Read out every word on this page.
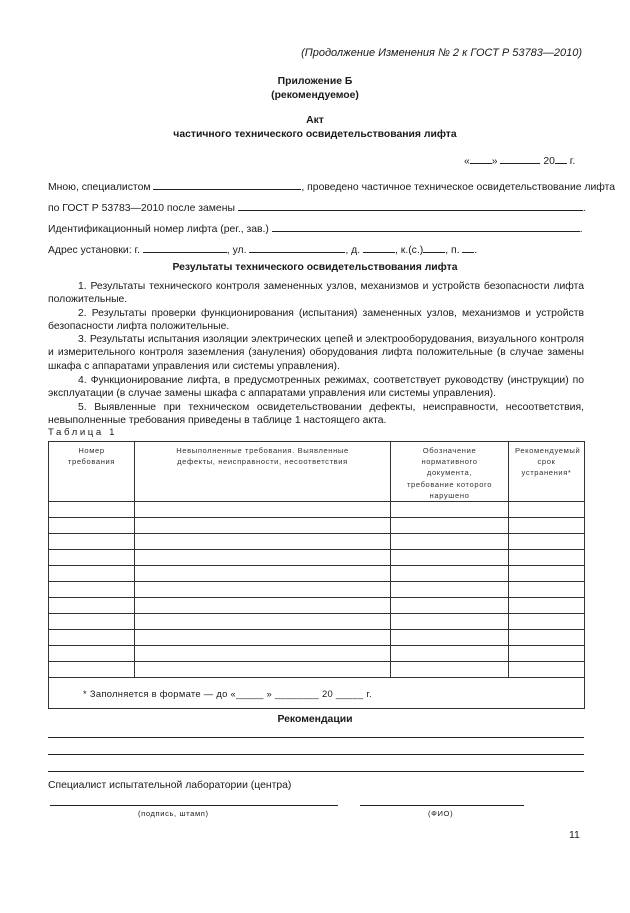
(Продолжение Изменения № 2 к ГОСТ Р 53783—2010)
Приложение Б
(рекомендуемое)
Акт
частичного технического освидетельствования лифта
« »	20 г.
Мною, специалистом	, проведено частичное техническое освидетельствование лифта
по ГОСТ Р 53783—2010 после замены	.
Идентификационный номер лифта (рег., зав.)	.
Адрес установки: г.	, ул.	, д.	, к.(с.) , п. .
Результаты технического освидетельствования лифта
1. Результаты технического контроля замененных узлов, механизмов и устройств безопасности лифта положительные.
2. Результаты проверки функционирования (испытания) замененных узлов, механизмов и устройств безопасности лифта положительные.
3. Результаты испытания изоляции электрических цепей и электрооборудования, визуального контроля и измерительного контроля заземления (зануления) оборудования лифта положительные (в случае замены шкафа с аппаратами управления или системы управления).
4. Функционирование лифта, в предусмотренных режимах, соответствует руководству (инструкции) по эксплуатации (в случае замены шкафа с аппаратами управления или системы управления).
5. Выявленные при техническом освидетельствовании дефекты, неисправности, несоответствия, невыполненные требования приведены в таблице 1 настоящего акта.
Таблица 1
Номер требования	Невыполненные требования. Выявленные дефекты, неисправности, несоответствия	Обозначение нормативного документа, требование которого нарушено	Рекомендуемый срок устранения*

* Заполняется в формате — до «_____ » ________ 20 _____ г.			
Рекомендации
Специалист испытательной лаборатории (центра)
(подпись, штамп)	(ФИО)
11
